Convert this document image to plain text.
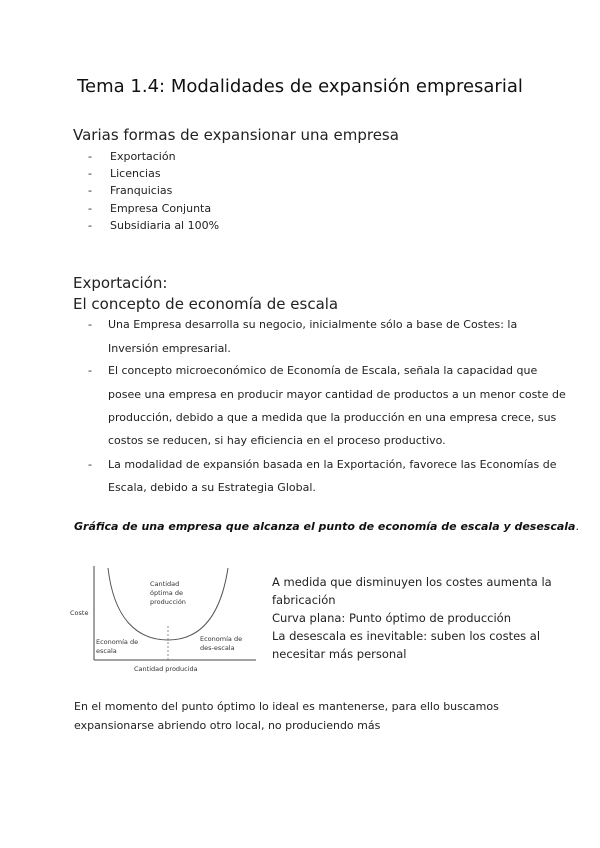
Tema 1.4: Modalidades de expansión empresarial
Varias formas de expansionar una empresa
- Exportación
- Licencias
- Franquicias
- Empresa Conjunta
- Subsidiaria al 100%
Exportación:
El concepto de economía de escala
- Una Empresa desarrolla su negocio, inicialmente sólo a base de Costes: la
Inversión empresarial.
- El concepto microeconómico de Economía de Escala, señala la capacidad que
posee una empresa en producir mayor cantidad de productos a un menor coste de
producción, debido a que a medida que la producción en una empresa crece, sus
costos se reducen, si hay eficiencia en el proceso productivo.
- La modalidad de expansión basada en la Exportación, favorece las Economías de
Escala, debido a su Estrategia Global.
Gráfica de una empresa que alcanza el punto de economía de escala y desescala.
Coste
Cantidad producida
Cantidad
óptima de
producción
Economía de
escala
Economía de
des-escala
A medida que disminuyen los costes aumenta la
fabricación
Curva plana: Punto óptimo de producción
La desescala es inevitable: suben los costes al
necesitar más personal
En el momento del punto óptimo lo ideal es mantenerse, para ello buscamos
expansionarse abriendo otro local, no produciendo más
